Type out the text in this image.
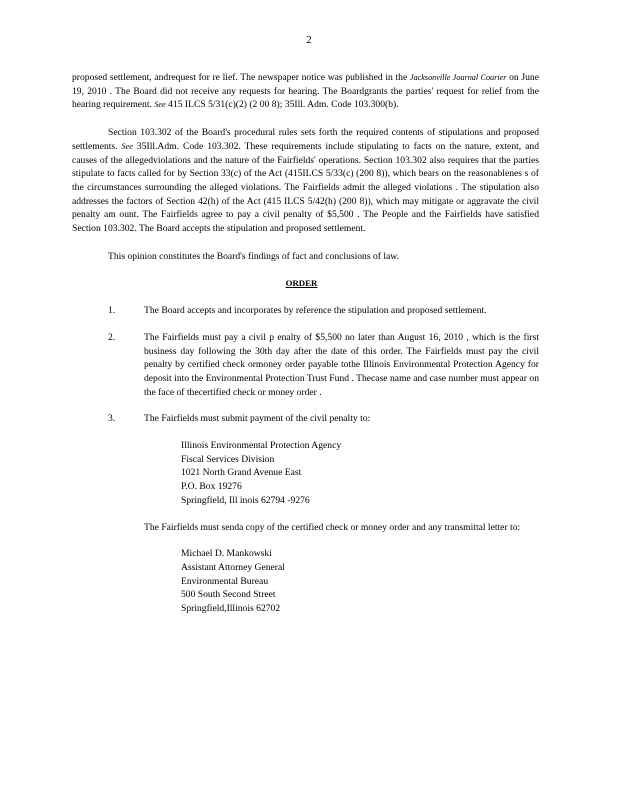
2

proposed settlement, andrequest for re lief. The newspaper notice was published in the Jacksonville Journal Courier on June 19, 2010 . The Board did not receive any requests for hearing. The Boardgrants the parties' request for relief from the hearing requirement. See 415 ILCS 5/31(c)(2) (2 00 8); 35Ill. Adm. Code 103.300(b).

Section 103.302 of the Board's procedural rules sets forth the required contents of stipulations and proposed settlements. See 35Ill.Adm. Code 103.302. These requirements include stipulating to facts on the nature, extent, and causes of the allegedviolations and the nature of the Fairfields' operations. Section 103.302 also requires that the parties stipulate to facts called for by Section 33(c) of the Act (415ILCS 5/33(c) (200 8)), which bears on the reasonablenes s of the circumstances surrounding the alleged violations. The Fairfields admit the alleged violations . The stipulation also addresses the factors of Section 42(h) of the Act (415 ILCS 5/42(h) (200 8)), which may mitigate or aggravate the civil penalty am ount. The Fairfields agree to pay a civil penalty of $5,500 . The People and the Fairfields have satisfied Section 103.302. The Board accepts the stipulation and proposed settlement.

This opinion constitutes the Board's findings of fact and conclusions of law.

ORDER
1.	The Board accepts and incorporates by reference the stipulation and proposed settlement.
2.	The Fairfields must pay a civil p enalty of $5,500 no later than August 16, 2010 , which is the first business day following the 30th day after the date of this order. The Fairfields must pay the civil penalty by certified check ormoney order payable tothe Illinois Environmental Protection Agency for deposit into the Environmental Protection Trust Fund . Thecase name and case number must appear on the face of thecertified check or money order .
3.	The Fairfields must submit payment of the civil penalty to:
Illinois Environmental Protection Agency
Fiscal Services Division
1021 North Grand Avenue East
P.O. Box 19276
Springfield, Ill inois 62794 -9276

The Fairfields must senda copy of the certified check or money order and any transmittal letter to:

Michael D. Mankowski
Assistant Attorney General
Environmental Bureau
500 South Second Street
Springfield,Illinois 62702
